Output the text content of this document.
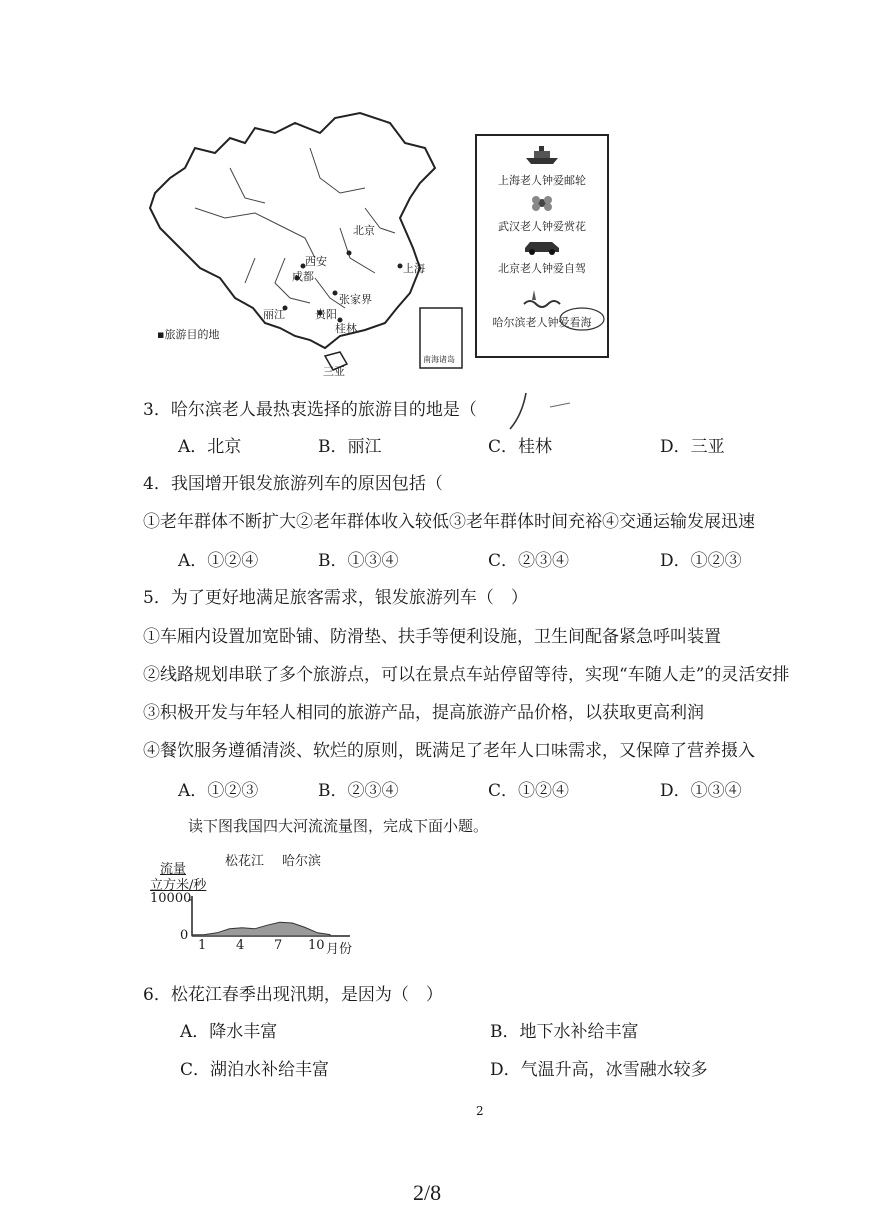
北京
西安
上海
成都
张家界
丽江	贵阳
桂林
三亚
▪旅游目的地
南海诸岛
上海老人钟爱邮轮
武汉老人钟爱赏花
北京老人钟爱自驾
哈尔滨老人钟爱看海
3．哈尔滨老人最热衷选择的旅游目的地是（
A．北京	B．丽江	C．桂林	D．三亚
4．我国增开银发旅游列车的原因包括（
①老年群体不断扩大②老年群体收入较低③老年群体时间充裕④交通运输发展迅速
A．①②④	B．①③④	C．②③④	D．①②③
5．为了更好地满足旅客需求，银发旅游列车（　）
①车厢内设置加宽卧铺、防滑垫、扶手等便利设施，卫生间配备紧急呼叫装置
②线路规划串联了多个旅游点，可以在景点车站停留等待，实现“车随人走”的灵活安排
③积极开发与年轻人相同的旅游产品，提高旅游产品价格，以获取更高利润
④餐饮服务遵循清淡、软烂的原则，既满足了老年人口味需求，又保障了营养摄入
A．①②③	B．②③④	C．①②④	D．①③④
读下图我国四大河流流量图，完成下面小题。
松花江 哈尔滨
流量
立方米/秒
10000
0
1 4 7 10 月份
6．松花江春季出现汛期，是因为（　）
A．降水丰富	B．地下水补给丰富
C．湖泊水补给丰富	D．气温升高，冰雪融水较多
2
2/8
